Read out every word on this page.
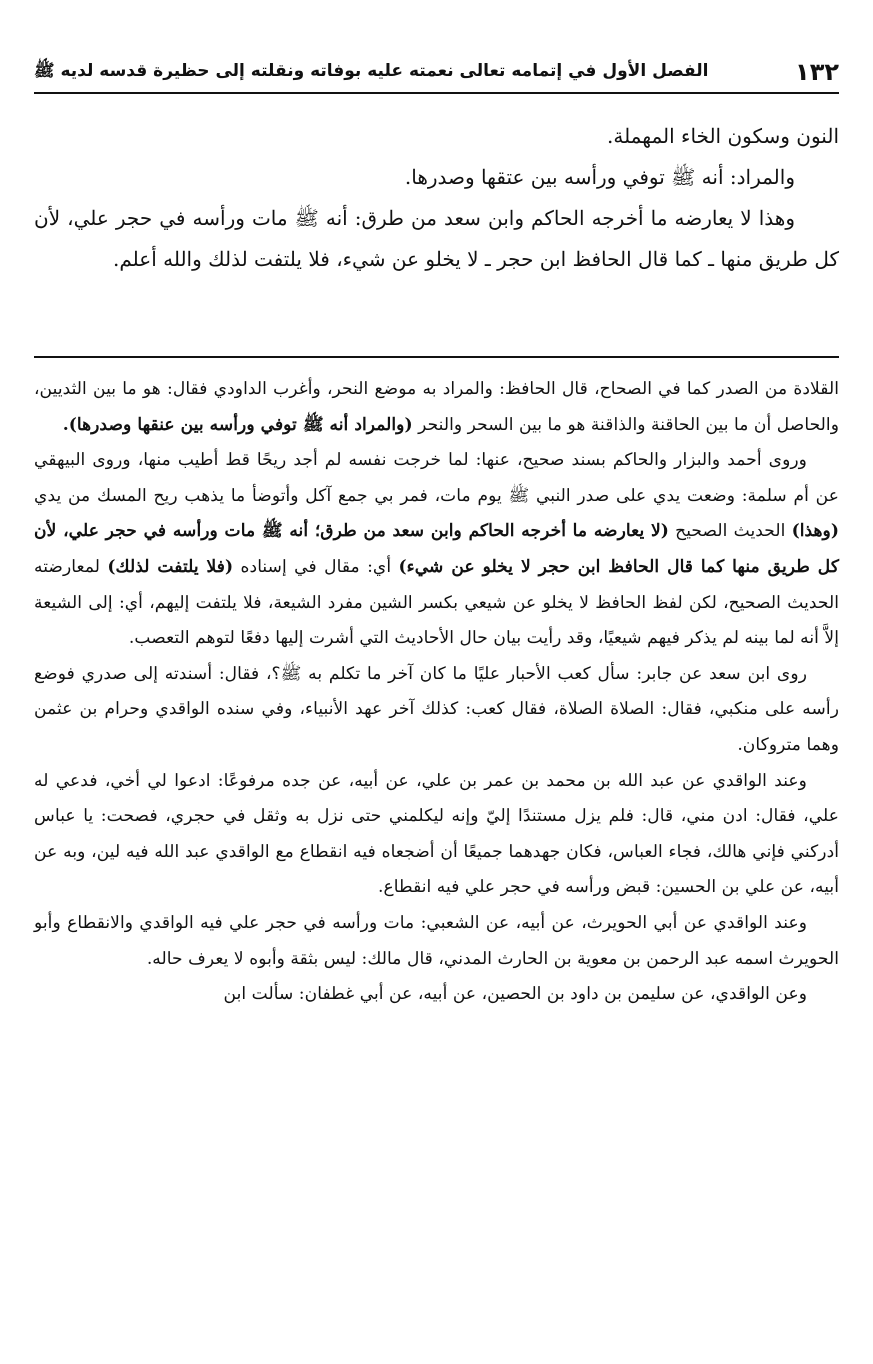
١٣٢
الفصل الأول في إتمامه تعالى نعمته عليه بوفاته ونقلته إلى حظيرة قدسه لديه ﷺ

النون وسكون الخاء المهملة.

والمراد: أنه ﷺ توفي ورأسه بين عتقها وصدرها.

وهذا لا يعارضه ما أخرجه الحاكم وابن سعد من طرق: أنه ﷺ مات ورأسه في حجر علي، لأن كل طريق منها ـ كما قال الحافظ ابن حجر ـ لا يخلو عن شيء، فلا يلتفت لذلك والله أعلم.

القلادة من الصدر كما في الصحاح، قال الحافظ: والمراد به موضع النحر، وأغرب الداودي فقال: هو ما بين الثديين، والحاصل أن ما بين الحاقنة والذاقنة هو ما بين السحر والنحر (والمراد أنه ﷺ توفي ورأسه بين عنقها وصدرها).

وروى أحمد والبزار والحاكم بسند صحيح، عنها: لما خرجت نفسه لم أجد ريحًا قط أطيب منها، وروى البيهقي عن أم سلمة: وضعت يدي على صدر النبي ﷺ يوم مات، فمر بي جمع آكل وأتوضأ ما يذهب ريح المسك من يدي (وهذا) الحديث الصحيح (لا يعارضه ما أخرجه الحاكم وابن سعد من طرق؛ أنه ﷺ مات ورأسه في حجر علي، لأن كل طريق منها كما قال الحافظ ابن حجر لا يخلو عن شيء) أي: مقال في إسناده (فلا يلتفت لذلك) لمعارضته الحديث الصحيح، لكن لفظ الحافظ لا يخلو عن شيعي بكسر الشين مفرد الشيعة، فلا يلتفت إليهم، أي: إلى الشيعة إلاَّ أنه لما بينه لم يذكر فيهم شيعيًا، وقد رأيت بيان حال الأحاديث التي أشرت إليها دفعًا لتوهم التعصب.

روى ابن سعد عن جابر: سأل كعب الأحبار عليًا ما كان آخر ما تكلم به ﷺ؟، فقال: أسندته إلى صدري فوضع رأسه على منكبي، فقال: الصلاة الصلاة، فقال كعب: كذلك آخر عهد الأنبياء، وفي سنده الواقدي وحرام بن عثمن وهما متروكان.

وعند الواقدي عن عبد الله بن محمد بن عمر بن علي، عن أبيه، عن جده مرفوعًا: ادعوا لي أخي، فدعي له علي، فقال: ادن مني، قال: فلم يزل مستندًا إليّ وإنه ليكلمني حتى نزل به وثقل في حجري، فصحت: يا عباس أدركني فإني هالك، فجاء العباس، فكان جهدهما جميعًا أن أضجعاه فيه انقطاع مع الواقدي عبد الله فيه لين، وبه عن أبيه، عن علي بن الحسين: قبض ورأسه في حجر علي فيه انقطاع.

وعند الواقدي عن أبي الحويرث، عن أبيه، عن الشعبي: مات ورأسه في حجر علي فيه الواقدي والانقطاع وأبو الحويرث اسمه عبد الرحمن بن معوية بن الحارث المدني، قال مالك: ليس بثقة وأبوه لا يعرف حاله.

وعن الواقدي، عن سليمن بن داود بن الحصين، عن أبيه، عن أبي غطفان: سألت ابن
